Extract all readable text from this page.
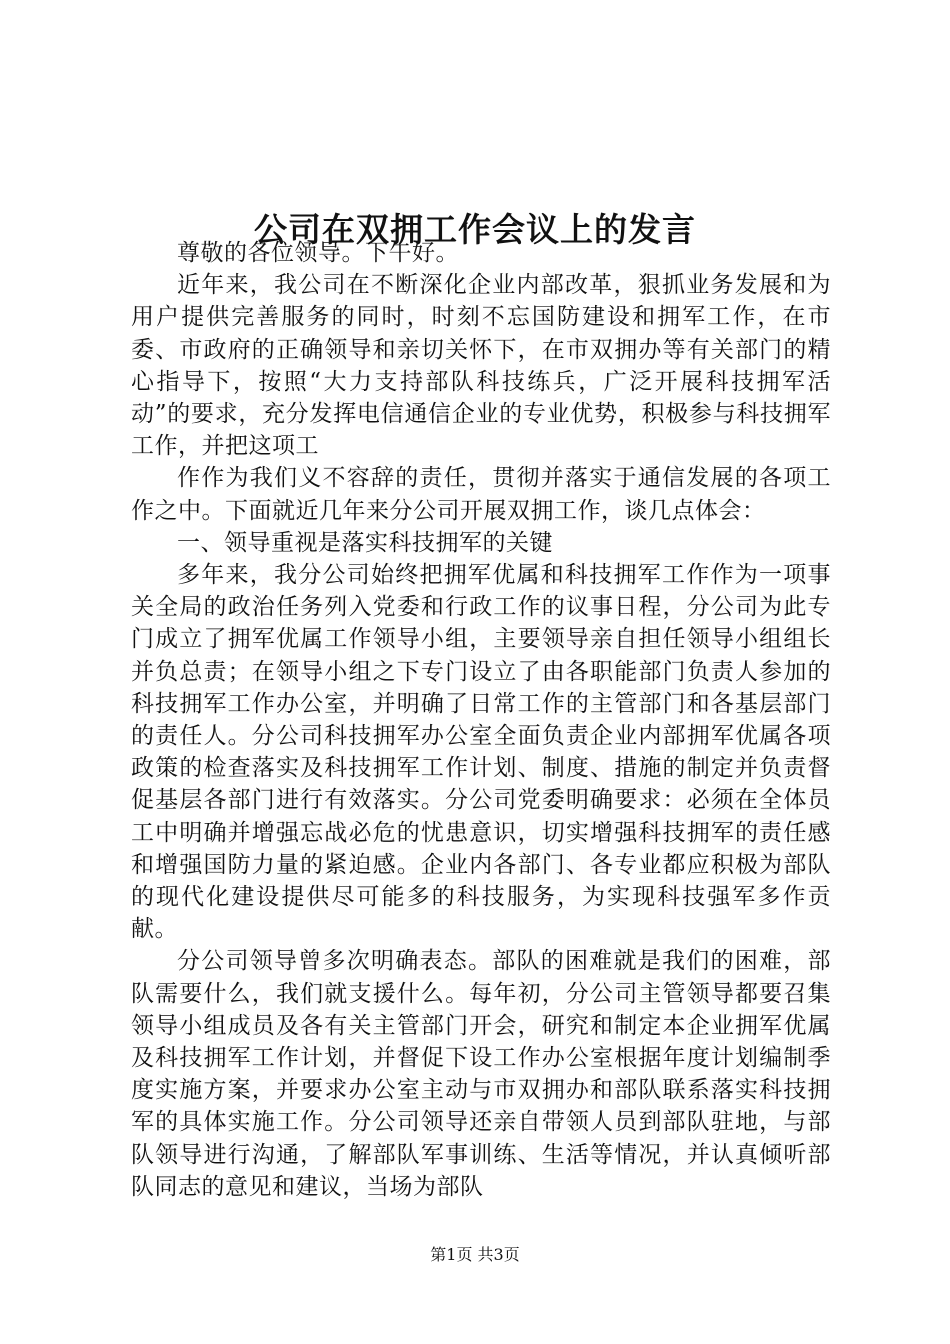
公司在双拥工作会议上的发言

尊敬的各位领导。下午好。

近年来，我公司在不断深化企业内部改革，狠抓业务发展和为用户提供完善服务的同时，时刻不忘国防建设和拥军工作，在市委、市政府的正确领导和亲切关怀下，在市双拥办等有关部门的精心指导下，按照“大力支持部队科技练兵，广泛开展科技拥军活动”的要求，充分发挥电信通信企业的专业优势，积极参与科技拥军工作，并把这项工

作作为我们义不容辞的责任，贯彻并落实于通信发展的各项工作之中。下面就近几年来分公司开展双拥工作，谈几点体会：

一、领导重视是落实科技拥军的关键

多年来，我分公司始终把拥军优属和科技拥军工作作为一项事关全局的政治任务列入党委和行政工作的议事日程，分公司为此专门成立了拥军优属工作领导小组，主要领导亲自担任领导小组组长并负总责；在领导小组之下专门设立了由各职能部门负责人参加的科技拥军工作办公室，并明确了日常工作的主管部门和各基层部门的责任人。分公司科技拥军办公室全面负责企业内部拥军优属各项政策的检查落实及科技拥军工作计划、制度、措施的制定并负责督促基层各部门进行有效落实。分公司党委明确要求：必须在全体员工中明确并增强忘战必危的忧患意识，切实增强科技拥军的责任感和增强国防力量的紧迫感。企业内各部门、各专业都应积极为部队的现代化建设提供尽可能多的科技服务，为实现科技强军多作贡献。

分公司领导曾多次明确表态。部队的困难就是我们的困难，部队需要什么，我们就支援什么。每年初，分公司主管领导都要召集领导小组成员及各有关主管部门开会，研究和制定本企业拥军优属及科技拥军工作计划，并督促下设工作办公室根据年度计划编制季度实施方案，并要求办公室主动与市双拥办和部队联系落实科技拥军的具体实施工作。分公司领导还亲自带领人员到部队驻地，与部队领导进行沟通，了解部队军事训练、生活等情况，并认真倾听部队同志的意见和建议，当场为部队

第1页 共3页
